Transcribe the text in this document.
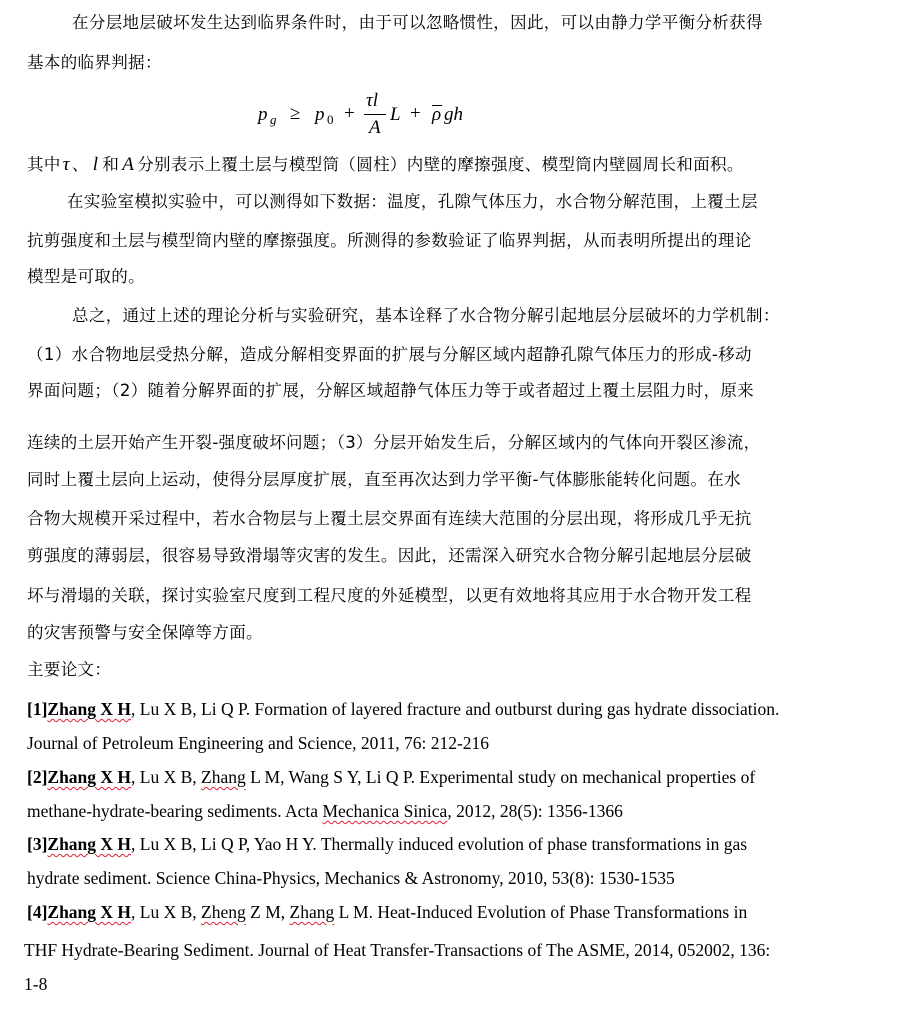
在分层地层破坏发生达到临界条件时，由于可以忽略惯性，因此，可以由静力学平衡分析获得
基本的临界判据：
p g ≥ p 0 +
τl
A
L + ρ gh
其中 τ 、 l 和 A 分别表示上覆土层与模型筒（圆柱）内壁的摩擦强度、模型筒内壁圆周长和面积。
在实验室模拟实验中，可以测得如下数据：温度，孔隙气体压力，水合物分解范围，上覆土层
抗剪强度和土层与模型筒内壁的摩擦强度。所测得的参数验证了临界判据，从而表明所提出的理论
模型是可取的。
总之，通过上述的理论分析与实验研究，基本诠释了水合物分解引起地层分层破坏的力学机制：
（1）水合物地层受热分解，造成分解相变界面的扩展与分解区域内超静孔隙气体压力的形成-移动
界面问题；（2）随着分解界面的扩展，分解区域超静气体压力等于或者超过上覆土层阻力时，原来
连续的土层开始产生开裂-强度破坏问题；（3）分层开始发生后，分解区域内的气体向开裂区渗流，
同时上覆土层向上运动，使得分层厚度扩展，直至再次达到力学平衡-气体膨胀能转化问题。在水
合物大规模开采过程中，若水合物层与上覆土层交界面有连续大范围的分层出现，将形成几乎无抗
剪强度的薄弱层，很容易导致滑塌等灾害的发生。因此，还需深入研究水合物分解引起地层分层破
坏与滑塌的关联，探讨实验室尺度到工程尺度的外延模型，以更有效地将其应用于水合物开发工程
的灾害预警与安全保障等方面。
主要论文：
[1]Zhang X H, Lu X B, Li Q P. Formation of layered fracture and outburst during gas hydrate dissociation.
Journal of Petroleum Engineering and Science, 2011, 76: 212-216
[2]Zhang X H, Lu X B, Zhang L M, Wang S Y, Li Q P. Experimental study on mechanical properties of
methane-hydrate-bearing sediments. Acta Mechanica Sinica, 2012, 28(5): 1356-1366
[3]Zhang X H, Lu X B, Li Q P, Yao H Y. Thermally induced evolution of phase transformations in gas
hydrate sediment. Science China-Physics, Mechanics & Astronomy, 2010, 53(8): 1530-1535
[4]Zhang X H, Lu X B, Zheng Z M, Zhang L M. Heat-Induced Evolution of Phase Transformations in
THF Hydrate-Bearing Sediment. Journal of Heat Transfer-Transactions of The ASME, 2014, 052002, 136:
1-8
